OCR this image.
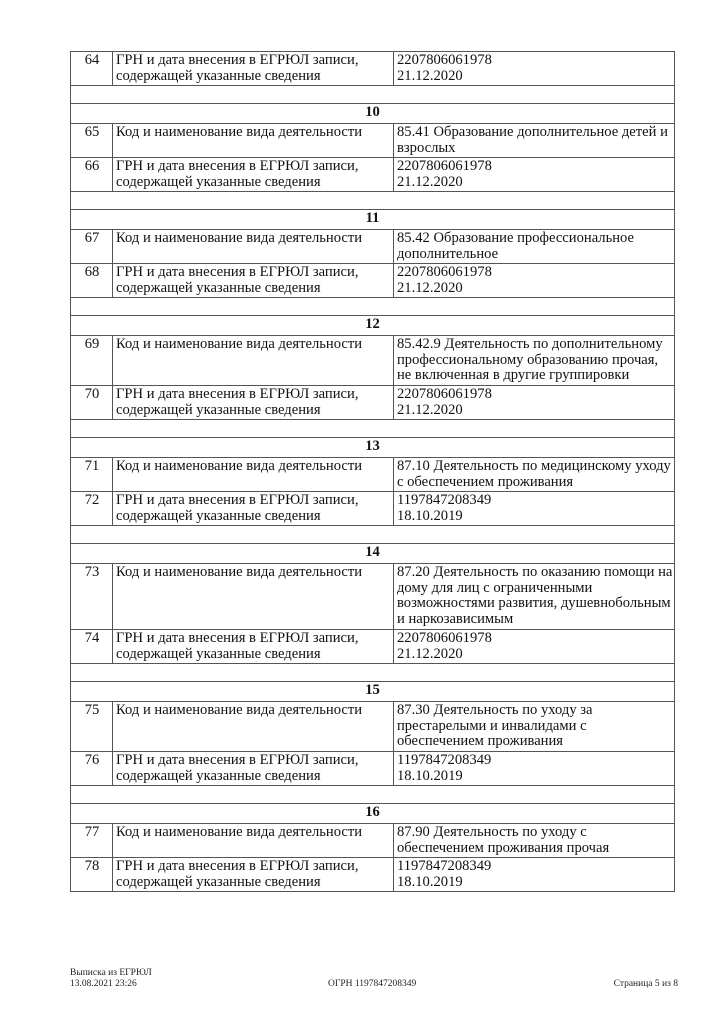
64	ГРН и дата внесения в ЕГРЮЛ записи,
содержащей указанные сведения	2207806061978
21.12.2020

10		
65	Код и наименование вида деятельности	85.41 Образование дополнительное детей и
взрослых

66	ГРН и дата внесения в ЕГРЮЛ записи,
содержащей указанные сведения	2207806061978
21.12.2020

11		
67	Код и наименование вида деятельности	85.42 Образование профессиональное
дополнительное

68	ГРН и дата внесения в ЕГРЮЛ записи,
содержащей указанные сведения	2207806061978
21.12.2020

12		
69	Код и наименование вида деятельности	85.42.9 Деятельность по дополнительному
профессиональному образованию прочая,
не включенная в другие группировки

70	ГРН и дата внесения в ЕГРЮЛ записи,
содержащей указанные сведения	2207806061978
21.12.2020

13		
71	Код и наименование вида деятельности	87.10 Деятельность по медицинскому уходу
с обеспечением проживания

72	ГРН и дата внесения в ЕГРЮЛ записи,
содержащей указанные сведения	1197847208349
18.10.2019

14		
73	Код и наименование вида деятельности	87.20 Деятельность по оказанию помощи на
дому для лиц с ограниченными
возможностями развития, душевнобольным
и наркозависимым

74	ГРН и дата внесения в ЕГРЮЛ записи,
содержащей указанные сведения	2207806061978
21.12.2020

15		
75	Код и наименование вида деятельности	87.30 Деятельность по уходу за
престарелыми и инвалидами с
обеспечением проживания

76	ГРН и дата внесения в ЕГРЮЛ записи,
содержащей указанные сведения	1197847208349
18.10.2019

16		
77	Код и наименование вида деятельности	87.90 Деятельность по уходу с
обеспечением проживания прочая

78	ГРН и дата внесения в ЕГРЮЛ записи,
содержащей указанные сведения	1197847208349
18.10.2019
Выписка из ЕГРЮЛ
13.08.2021 23:26	ОГРН 1197847208349	Страница 5 из 8
